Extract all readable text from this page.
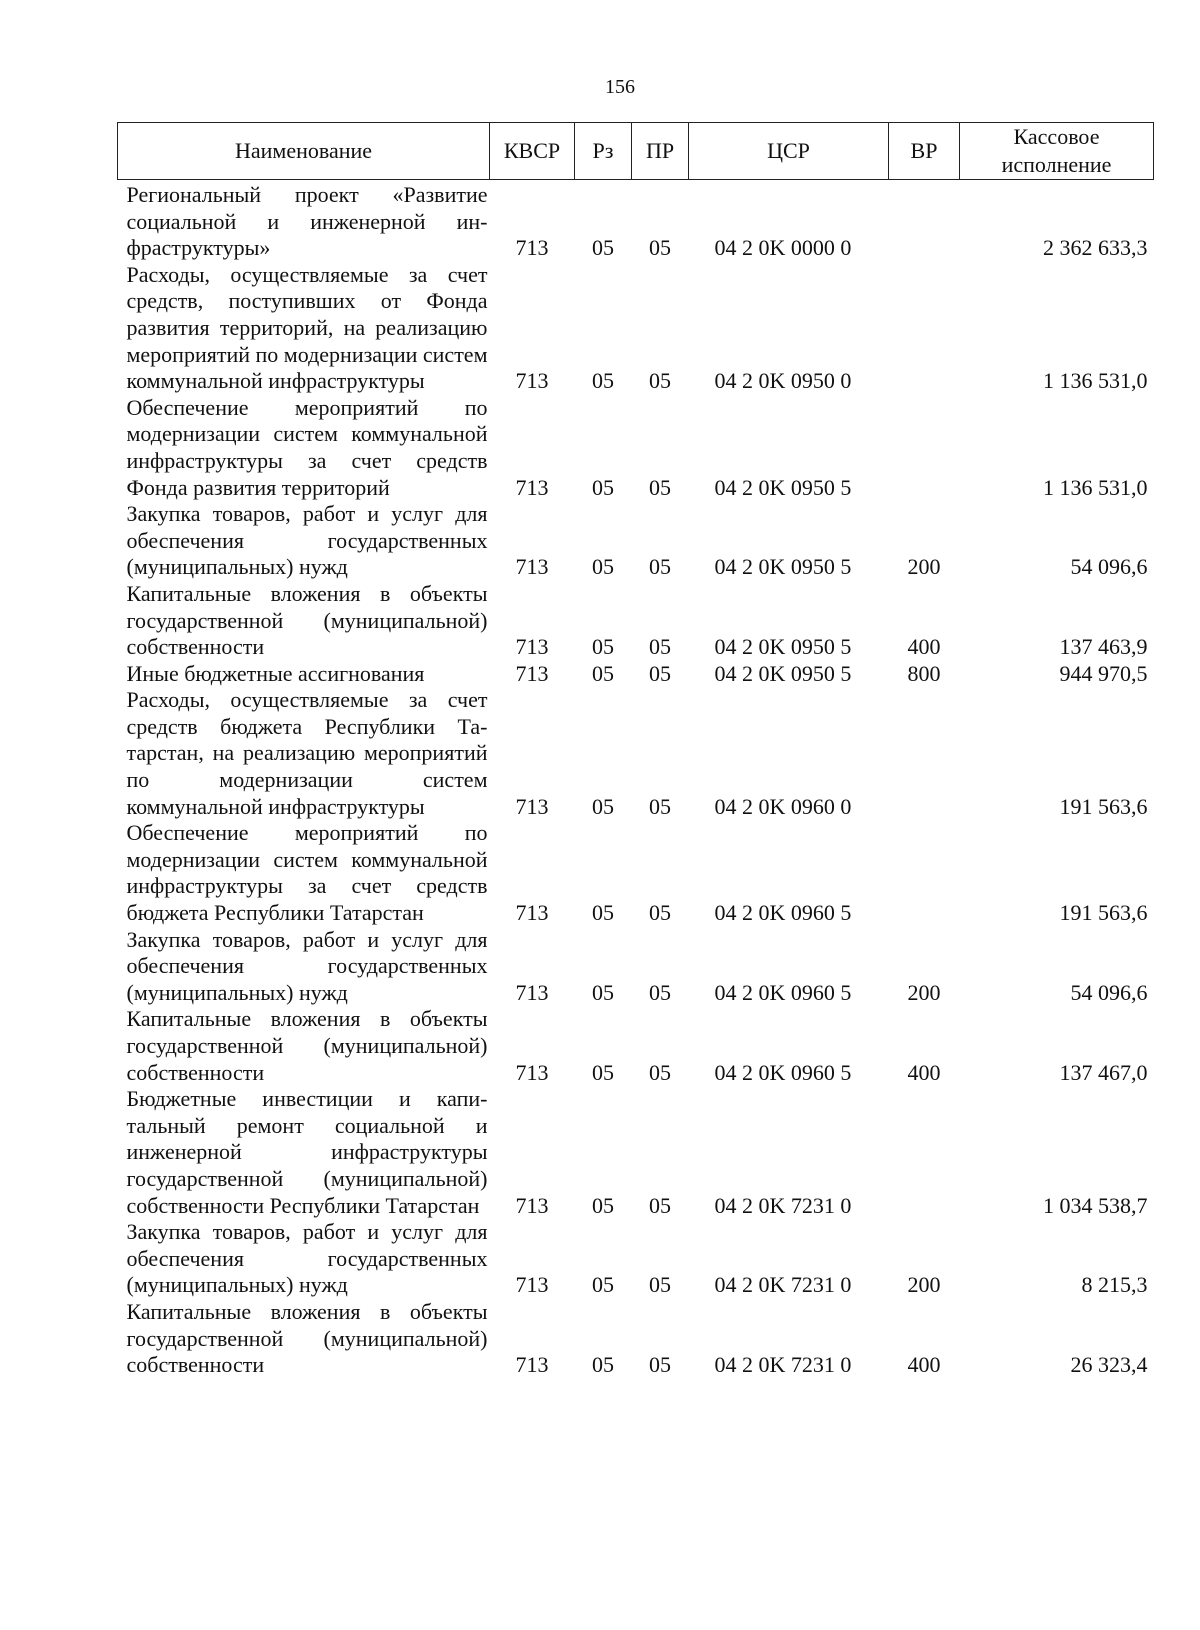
156
Наименование	КВСР	Рз	ПР	ЦСР	ВР	Кассовое
исполнение
Региональный проект «Развитие социальной и инженерной инфраструктуры»	713	05	05	04 2 0K 0000 0		2 362 633,3
Расходы, осуществляемые за счет средств, поступивших от Фонда развития территорий, на реализацию мероприятий по модернизации систем коммунальной инфраструктуры	713	05	05	04 2 0K 0950 0		1 136 531,0
Обеспечение мероприятий по модернизации систем коммунальной инфраструктуры за счет средств Фонда развития территорий	713	05	05	04 2 0K 0950 5		1 136 531,0
Закупка товаров, работ и услуг для обеспечения государственных (муниципальных) нужд	713	05	05	04 2 0K 0950 5	200	54 096,6
Капитальные вложения в объекты государственной (муниципальной) собственности	713	05	05	04 2 0K 0950 5	400	137 463,9
Иные бюджетные ассигнования	713	05	05	04 2 0K 0950 5	800	944 970,5
Расходы, осуществляемые за счет средств бюджета Республики Татарстан, на реализацию мероприятий по модернизации систем коммунальной инфраструктуры	713	05	05	04 2 0K 0960 0		191 563,6
Обеспечение мероприятий по модернизации систем коммунальной инфраструктуры за счет средств бюджета Республики Татарстан	713	05	05	04 2 0K 0960 5		191 563,6
Закупка товаров, работ и услуг для обеспечения государственных (муниципальных) нужд	713	05	05	04 2 0K 0960 5	200	54 096,6
Капитальные вложения в объекты государственной (муниципальной) собственности	713	05	05	04 2 0K 0960 5	400	137 467,0
Бюджетные инвестиции и капитальный ремонт социальной и инженерной инфраструктуры государственной (муниципальной) собственности Республики Татарстан	713	05	05	04 2 0K 7231 0		1 034 538,7
Закупка товаров, работ и услуг для обеспечения государственных (муниципальных) нужд	713	05	05	04 2 0K 7231 0	200	8 215,3
Капитальные вложения в объекты государственной (муниципальной) собственности	713	05	05	04 2 0K 7231 0	400	26 323,4
